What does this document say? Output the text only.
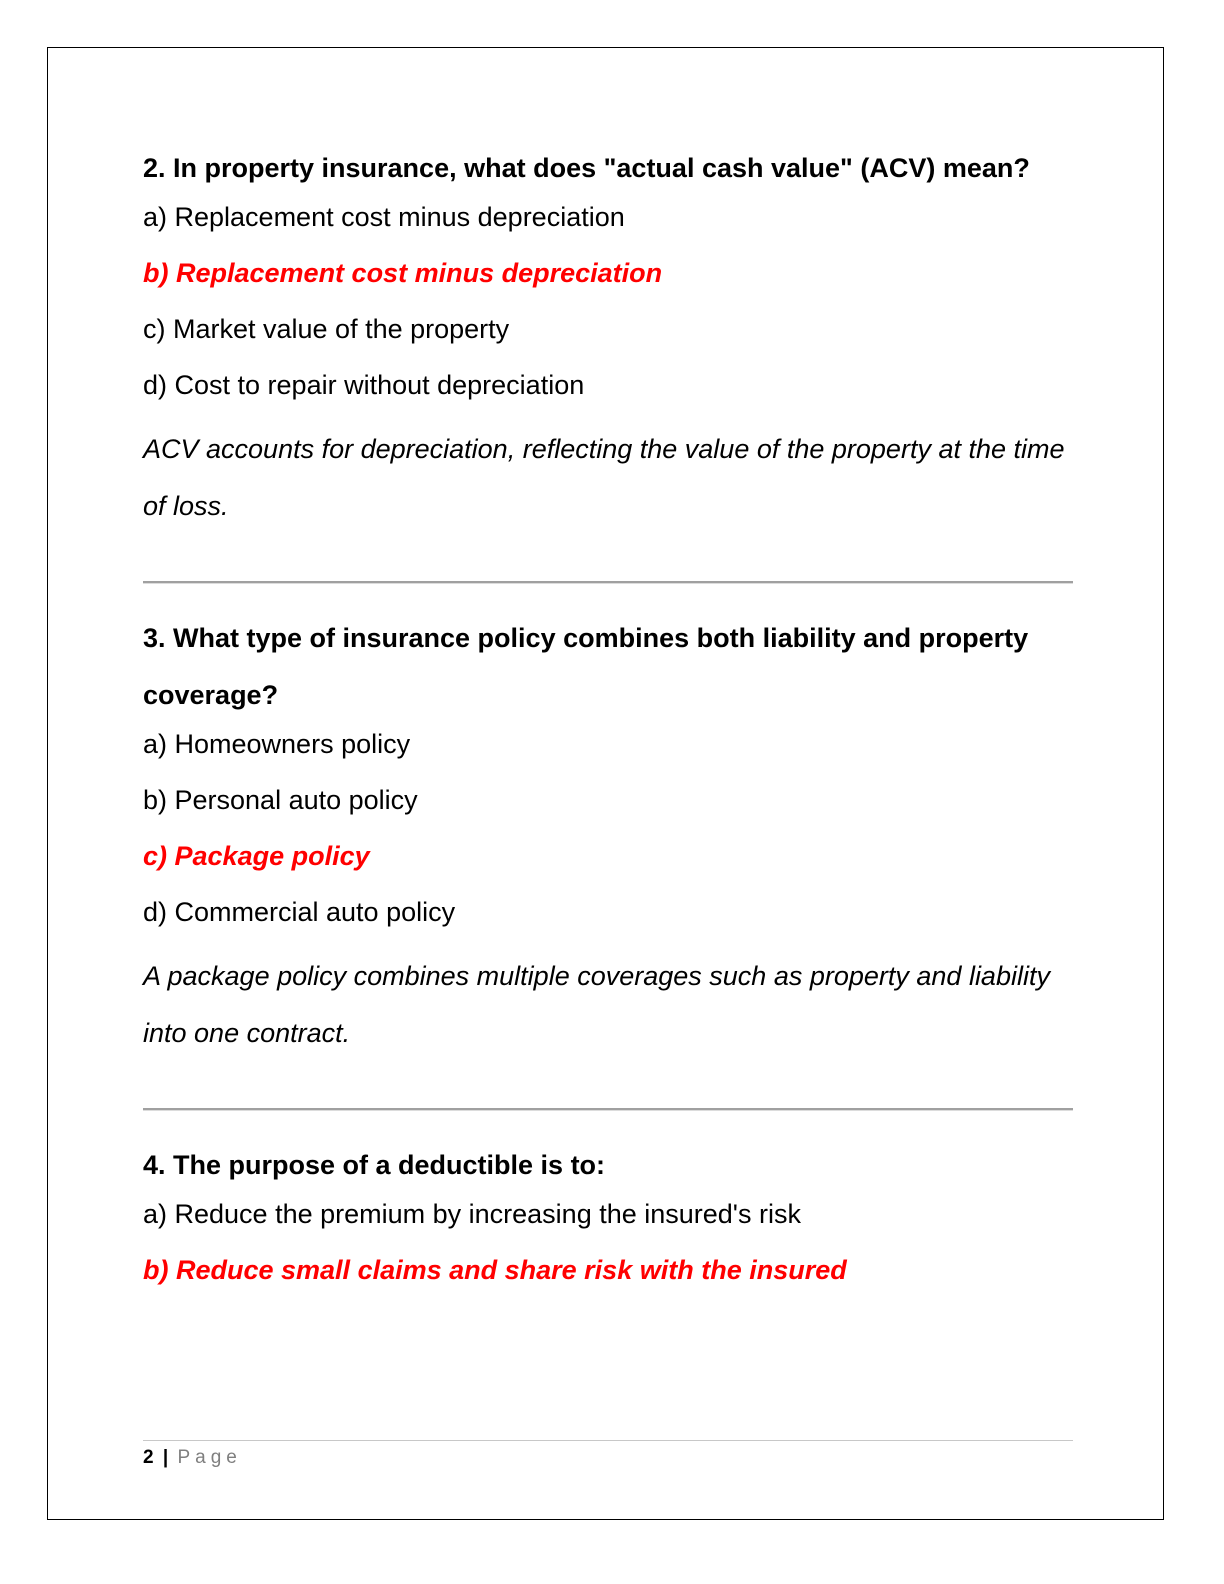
2. In property insurance, what does "actual cash value" (ACV) mean?

a) Replacement cost minus depreciation

b) Replacement cost minus depreciation

c) Market value of the property

d) Cost to repair without depreciation

ACV accounts for depreciation, reflecting the value of the property at the time of loss.

3. What type of insurance policy combines both liability and property coverage?

a) Homeowners policy

b) Personal auto policy

c) Package policy

d) Commercial auto policy

A package policy combines multiple coverages such as property and liability into one contract.

4. The purpose of a deductible is to:

a) Reduce the premium by increasing the insured's risk

b) Reduce small claims and share risk with the insured

2 | Page
